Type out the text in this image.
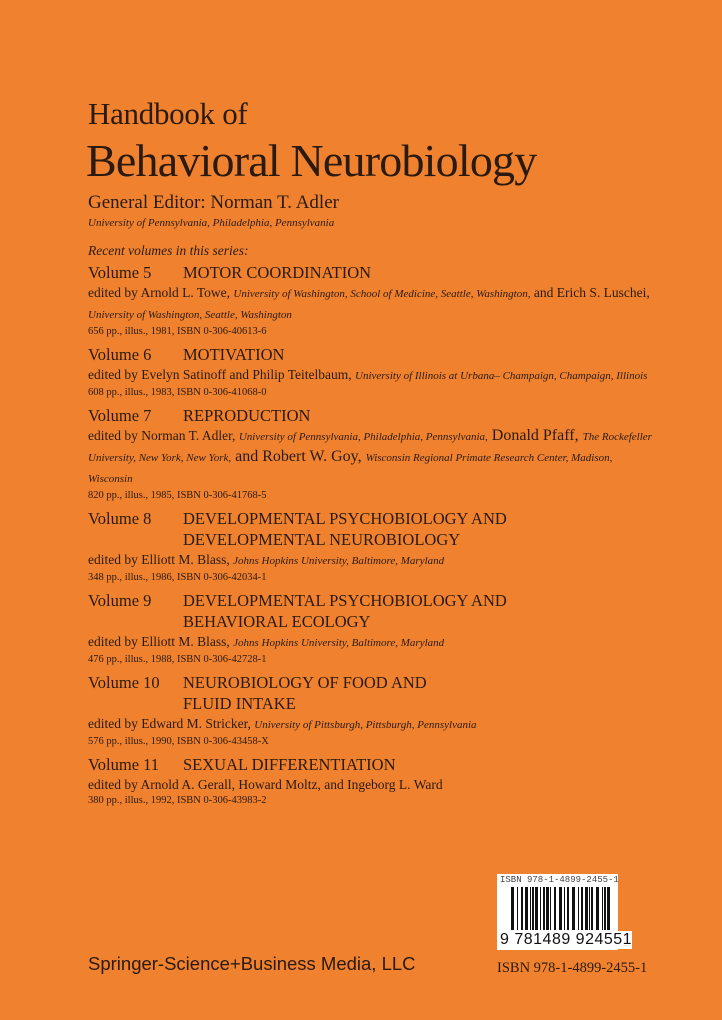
Handbook of
Behavioral Neurobiology
General Editor: Norman T. Adler
University of Pennsylvania, Philadelphia, Pennsylvania
Recent volumes in this series:
Volume 5	MOTOR COORDINATION
edited by Arnold L. Towe, University of Washington, School of Medicine, Seattle, Washington, and Erich S. Luschei, University of Washington, Seattle, Washington
656 pp., illus., 1981, ISBN 0-306-40613-6
Volume 6	MOTIVATION
edited by Evelyn Satinoff and Philip Teitelbaum, University of Illinois at Urbana– Champaign, Champaign, Illinois
608 pp., illus., 1983, ISBN 0-306-41068-0
Volume 7	REPRODUCTION
edited by Norman T. Adler, University of Pennsylvania, Philadelphia, Pennsylvania, Donald Pfaff, The Rockefeller University, New York, New York, and Robert W. Goy, Wisconsin Regional Primate Research Center, Madison, Wisconsin
820 pp., illus., 1985, ISBN 0-306-41768-5
Volume 8	DEVELOPMENTAL PSYCHOBIOLOGY AND
DEVELOPMENTAL NEUROBIOLOGY
edited by Elliott M. Blass, Johns Hopkins University, Baltimore, Maryland
348 pp., illus., 1986, ISBN 0-306-42034-1
Volume 9	DEVELOPMENTAL PSYCHOBIOLOGY AND
BEHAVIORAL ECOLOGY
edited by Elliott M. Blass, Johns Hopkins University, Baltimore, Maryland
476 pp., illus., 1988, ISBN 0-306-42728-1
Volume 10	NEUROBIOLOGY OF FOOD AND
FLUID INTAKE
edited by Edward M. Stricker, University of Pittsburgh, Pittsburgh, Pennsylvania
576 pp., illus., 1990, ISBN 0-306-43458-X
Volume 11	SEXUAL DIFFERENTIATION
edited by Arnold A. Gerall, Howard Moltz, and Ingeborg L. Ward
380 pp., illus., 1992, ISBN 0-306-43983-2
ISBN 978-1-4899-2455-1
9 781489 924551
Springer-Science+Business Media, LLC	ISBN 978-1-4899-2455-1
